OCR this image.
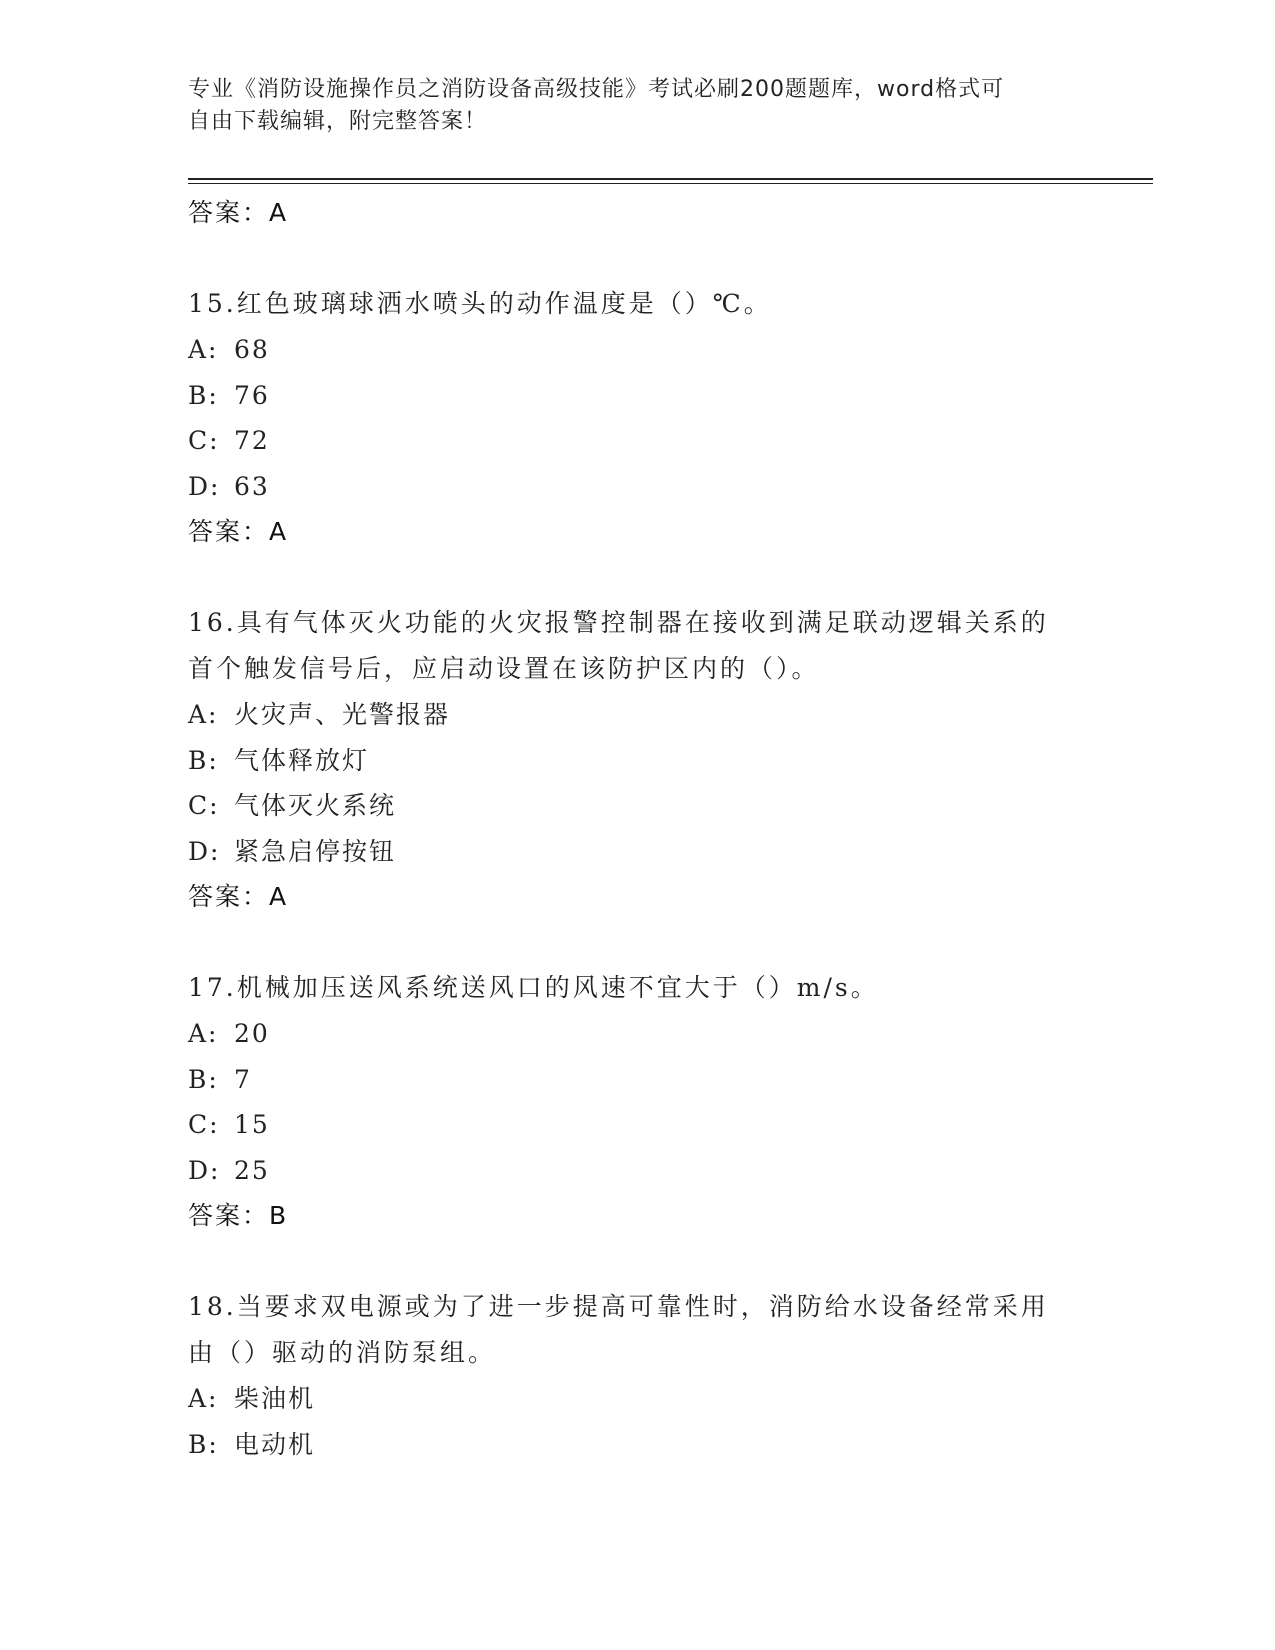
专业《消防设施操作员之消防设备高级技能》考试必刷200题题库，word格式可
自由下载编辑，附完整答案！
答案：A
15.红色玻璃球洒水喷头的动作温度是（）℃。
A: 68
B: 76
C: 72
D: 63
答案：A
16.具有气体灭火功能的火灾报警控制器在接收到满足联动逻辑关系的
首个触发信号后，应启动设置在该防护区内的（）。
A: 火灾声、光警报器
B: 气体释放灯
C: 气体灭火系统
D: 紧急启停按钮
答案：A
17.机械加压送风系统送风口的风速不宜大于（）m/s。
A: 20
B: 7
C: 15
D: 25
答案：B
18.当要求双电源或为了进一步提高可靠性时，消防给水设备经常采用
由（）驱动的消防泵组。
A: 柴油机
B: 电动机
